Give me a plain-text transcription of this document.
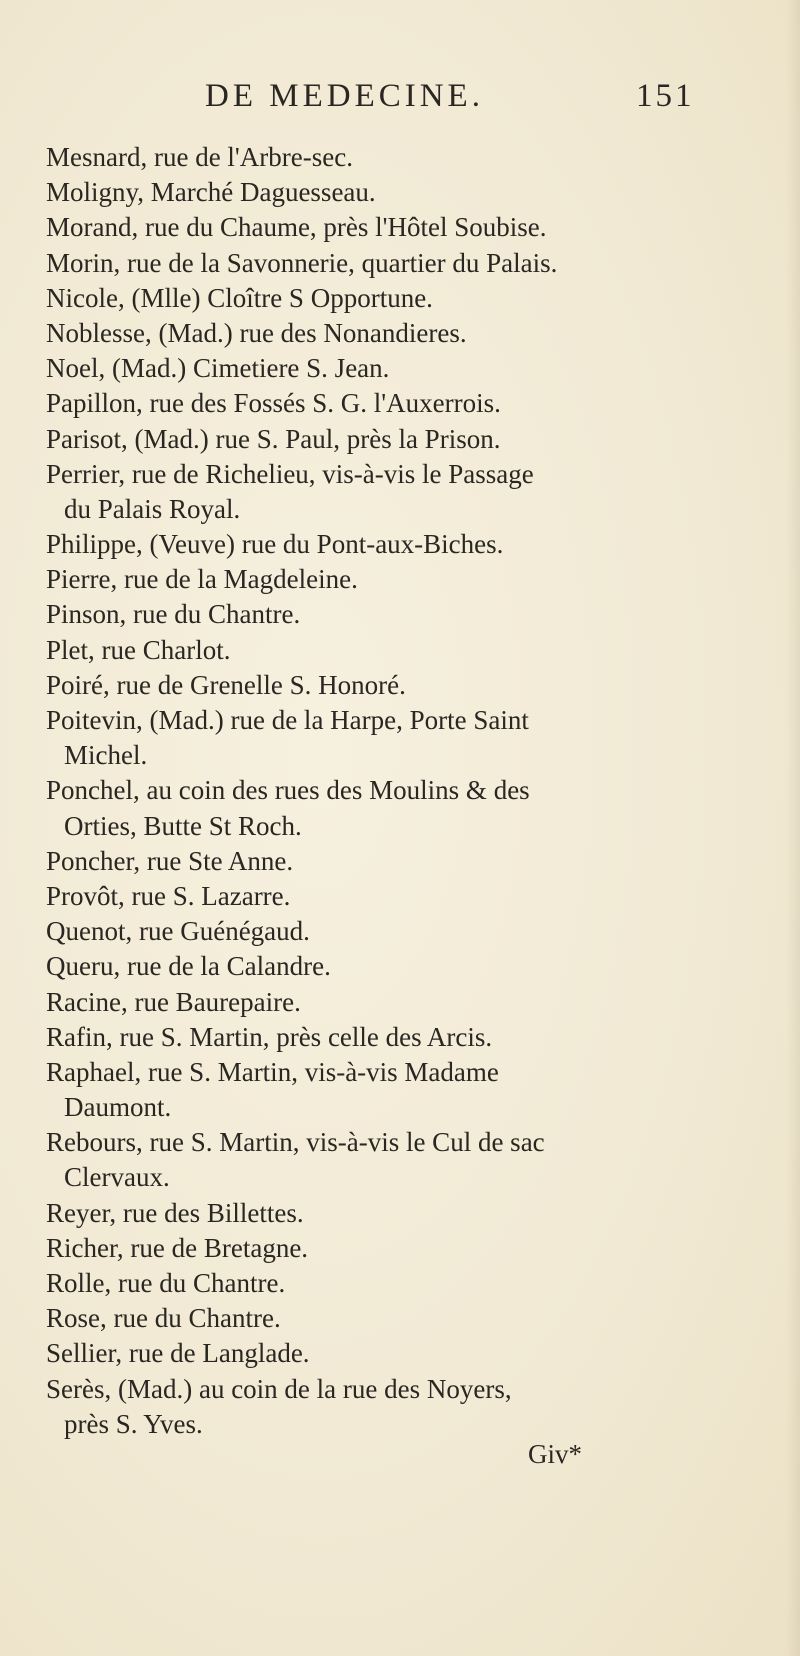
DE MEDECINE.	151
Mesnard, rue de l'Arbre-sec.
Moligny, Marché Daguesseau.
Morand, rue du Chaume, près l'Hôtel Soubise.
Morin, rue de la Savonnerie, quartier du Palais.
Nicole, (Mlle) Cloître S Opportune.
Noblesse, (Mad.) rue des Nonandieres.
Noel, (Mad.) Cimetiere S. Jean.
Papillon, rue des Fossés S. G. l'Auxerrois.
Parisot, (Mad.) rue S. Paul, près la Prison.
Perrier, rue de Richelieu, vis-à-vis le Passage
du Palais Royal.
Philippe, (Veuve) rue du Pont-aux-Biches.
Pierre, rue de la Magdeleine.
Pinson, rue du Chantre.
Plet, rue Charlot.
Poiré, rue de Grenelle S. Honoré.
Poitevin, (Mad.) rue de la Harpe, Porte Saint
Michel.
Ponchel, au coin des rues des Moulins & des
Orties, Butte St Roch.
Poncher, rue Ste Anne.
Provôt, rue S. Lazarre.
Quenot, rue Guénégaud.
Queru, rue de la Calandre.
Racine, rue Baurepaire.
Rafin, rue S. Martin, près celle des Arcis.
Raphael, rue S. Martin, vis-à-vis Madame
Daumont.
Rebours, rue S. Martin, vis-à-vis le Cul de sac
Clervaux.
Reyer, rue des Billettes.
Richer, rue de Bretagne.
Rolle, rue du Chantre.
Rose, rue du Chantre.
Sellier, rue de Langlade.
Serès, (Mad.) au coin de la rue des Noyers,
près S. Yves.
Giv*
